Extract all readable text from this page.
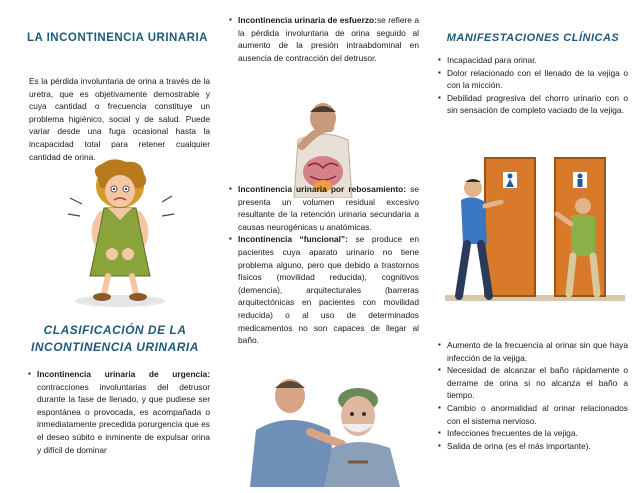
LA INCONTINENCIA URINARIA
Es la pérdida involuntaria de orina a través de la uretra, que es objetivamente demostrable y cuya cantidad o frecuencia constituye un problema higiénico, social y de salud. Puede variar desde una fuga ocasional hasta la incapacidad total para retener cualquier cantidad de orina.
CLASIFICACIÓN DE LA INCONTINENCIA URINARIA
▪ Incontinencia urinaria de urgencia: contracciones involuntarias del detrusor durante la fase de llenado, y que pudiese ser espontánea o provocada, es acompañada o inmediatamente precedida porurgencia que es el deseo súbito e inminente de expulsar orina y difícil de dominar
▪ Incontinencia urinaria de esfuerzo:se refiere a la pérdida involuntaria de orina seguido al aumento de la presión intraabdominal en ausencia de contracción del detrusor.
▪ Incontinencia urinaria por rebosamiento: se presenta un volumen residual excesivo resultante de la retención urinaria secundaria a causas neurogénicas u anatómicas.
▪ Incontinencia “funcional”: se produce en pacientes cuya aparato urinario no tiene problema alguno, pero que debido a trastornos físicos (movilidad reducida), cognitivos (demencia), arquitecturales (barreras arquitectónicas en pacientes con movilidad reducida) o al uso de determinados medicamentos no son capaces de llegar al baño.
MANIFESTACIONES CLÍNICAS
▪ Incapacidad para orinar.
▪ Dolor relacionado con el llenado de la vejiga o con la micción.
▪ Debilidad progresiva del chorro urinario con o sin sensación de completo vaciado de la vejiga.
▪ Aumento de la frecuencia al orinar sin que haya infección de la vejiga.
▪ Necesidad de alcanzar el baño rápidamente o derrame de orina si no alcanza el baño a tiempo.
▪ Cambio o anormalidad al orinar relacionados con el sistema nervioso.
▪ Infecciones frecuentes de la vejiga.
▪ Salida de orina (es el más importante).
